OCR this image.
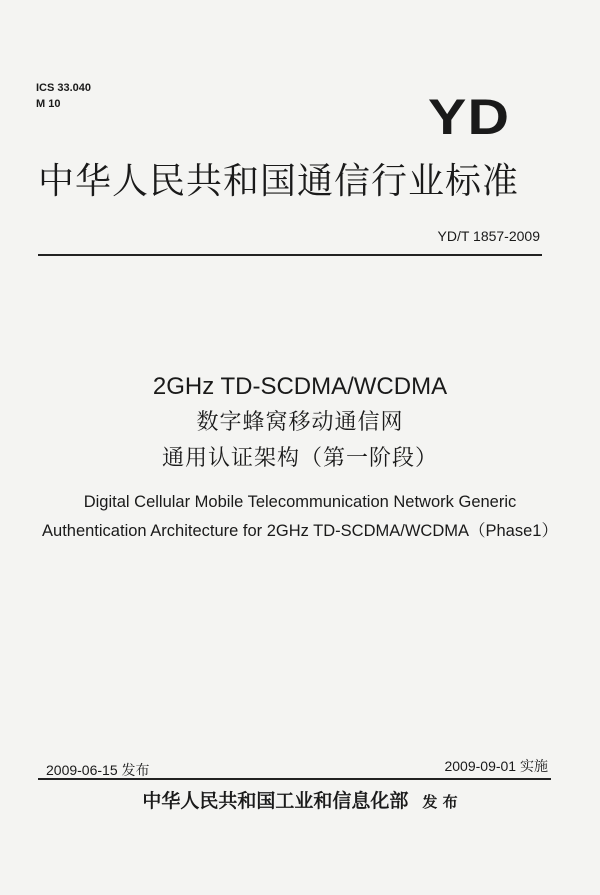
ICS 33.040
M 10	YD
中华人民共和国通信行业标准
YD/T 1857-2009
2GHz TD-SCDMA/WCDMA
数字蜂窝移动通信网
通用认证架构（第一阶段）
Digital Cellular Mobile Telecommunication Network Generic
Authentication Architecture for 2GHz TD-SCDMA/WCDMA（Phase1）
2009-06-15 发布	2009-09-01 实施
中华人民共和国工业和信息化部 发 布
